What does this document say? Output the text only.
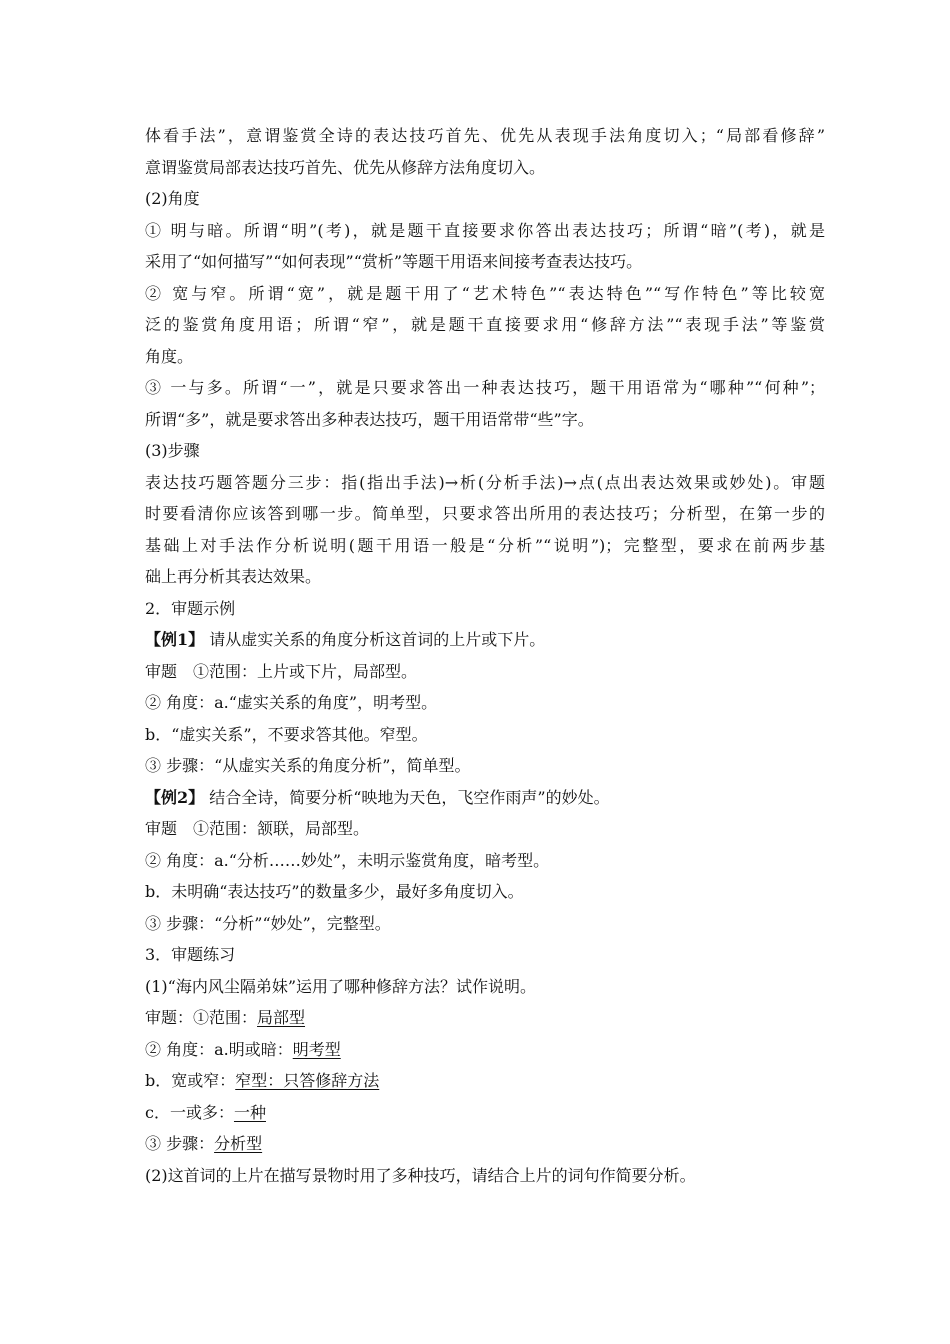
体看手法”，意谓鉴赏全诗的表达技巧首先、优先从表现手法角度切入；“局部看修辞”
意谓鉴赏局部表达技巧首先、优先从修辞方法角度切入。
(2)角度
① 明与暗。所谓“明”(考)，就是题干直接要求你答出表达技巧；所谓“暗”(考)，就是
采用了“如何描写”“如何表现”“赏析”等题干用语来间接考查表达技巧。
② 宽与窄。所谓“宽”，就是题干用了“艺术特色”“表达特色”“写作特色”等比较宽
泛的鉴赏角度用语；所谓“窄”，就是题干直接要求用“修辞方法”“表现手法”等鉴赏
角度。
③ 一与多。所谓“一”，就是只要求答出一种表达技巧，题干用语常为“哪种”“何种”；
所谓“多”，就是要求答出多种表达技巧，题干用语常带“些”字。
(3)步骤
表达技巧题答题分三步：指(指出手法)→析(分析手法)→点(点出表达效果或妙处)。审题
时要看清你应该答到哪一步。简单型，只要求答出所用的表达技巧；分析型，在第一步的
基础上对手法作分析说明(题干用语一般是“分析”“说明”)；完整型，要求在前两步基
础上再分析其表达效果。
2．审题示例
【例1】 请从虚实关系的角度分析这首词的上片或下片。
审题　①范围：上片或下片，局部型。
② 角度：a.“虚实关系的角度”，明考型。
b．“虚实关系”，不要求答其他。窄型。
③ 步骤：“从虚实关系的角度分析”，简单型。
【例2】 结合全诗，简要分析“映地为天色，飞空作雨声”的妙处。
审题　①范围：颔联，局部型。
② 角度：a.“分析……妙处”，未明示鉴赏角度，暗考型。
b．未明确“表达技巧”的数量多少，最好多角度切入。
③ 步骤：“分析”“妙处”，完整型。
3．审题练习
(1)“海内风尘隔弟妹”运用了哪种修辞方法？试作说明。
审题：①范围：局部型
② 角度：a.明或暗：明考型
b．宽或窄：窄型：只答修辞方法
c．一或多：一种
③ 步骤：分析型
(2)这首词的上片在描写景物时用了多种技巧，请结合上片的词句作简要分析。
